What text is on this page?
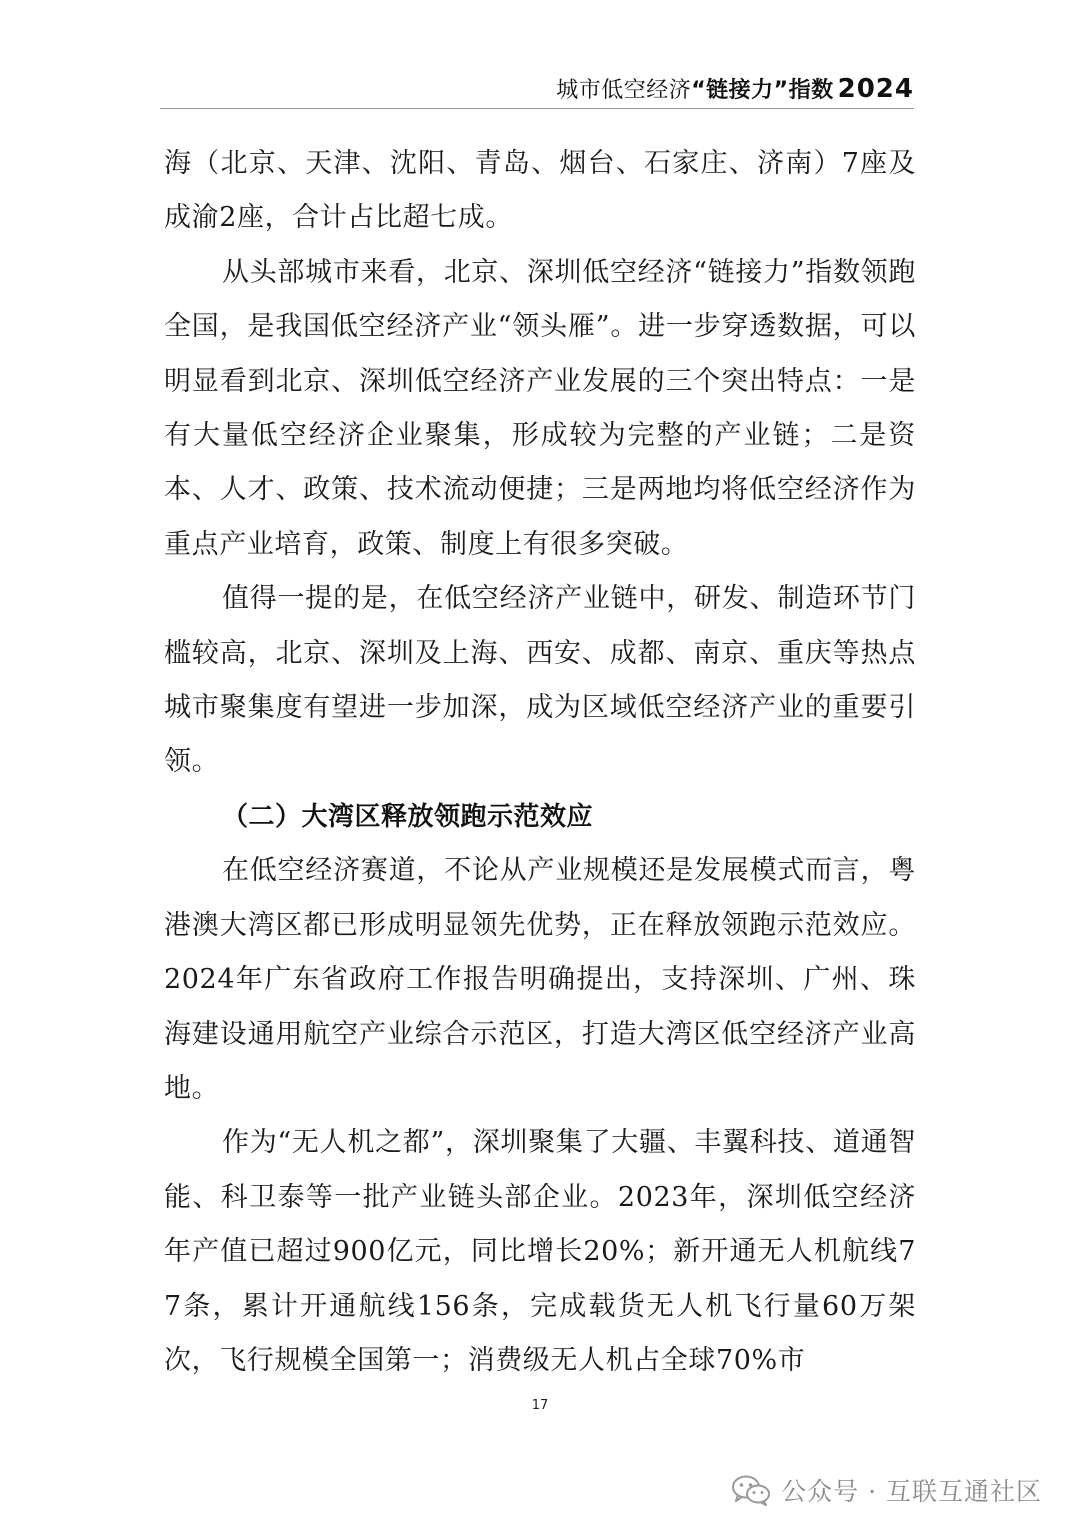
城市低空经济“链接力”指数 2024

海（北京、天津、沈阳、青岛、烟台、石家庄、济南）7座及成渝2座，合计占比超七成。

从头部城市来看，北京、深圳低空经济“链接力”指数领跑全国，是我国低空经济产业“领头雁”。进一步穿透数据，可以明显看到北京、深圳低空经济产业发展的三个突出特点：一是有大量低空经济企业聚集，形成较为完整的产业链；二是资本、人才、政策、技术流动便捷；三是两地均将低空经济作为重点产业培育，政策、制度上有很多突破。

值得一提的是，在低空经济产业链中，研发、制造环节门槛较高，北京、深圳及上海、西安、成都、南京、重庆等热点城市聚集度有望进一步加深，成为区域低空经济产业的重要引领。

（二）大湾区释放领跑示范效应

在低空经济赛道，不论从产业规模还是发展模式而言，粤港澳大湾区都已形成明显领先优势，正在释放领跑示范效应。2024年广东省政府工作报告明确提出，支持深圳、广州、珠海建设通用航空产业综合示范区，打造大湾区低空经济产业高地。

作为“无人机之都”，深圳聚集了大疆、丰翼科技、道通智能、科卫泰等一批产业链头部企业。2023年，深圳低空经济年产值已超过900亿元，同比增长20%；新开通无人机航线77条，累计开通航线156条，完成载货无人机飞行量60万架次，飞行规模全国第一；消费级无人机占全球70%市

17
公众号 · 互联互通社区
